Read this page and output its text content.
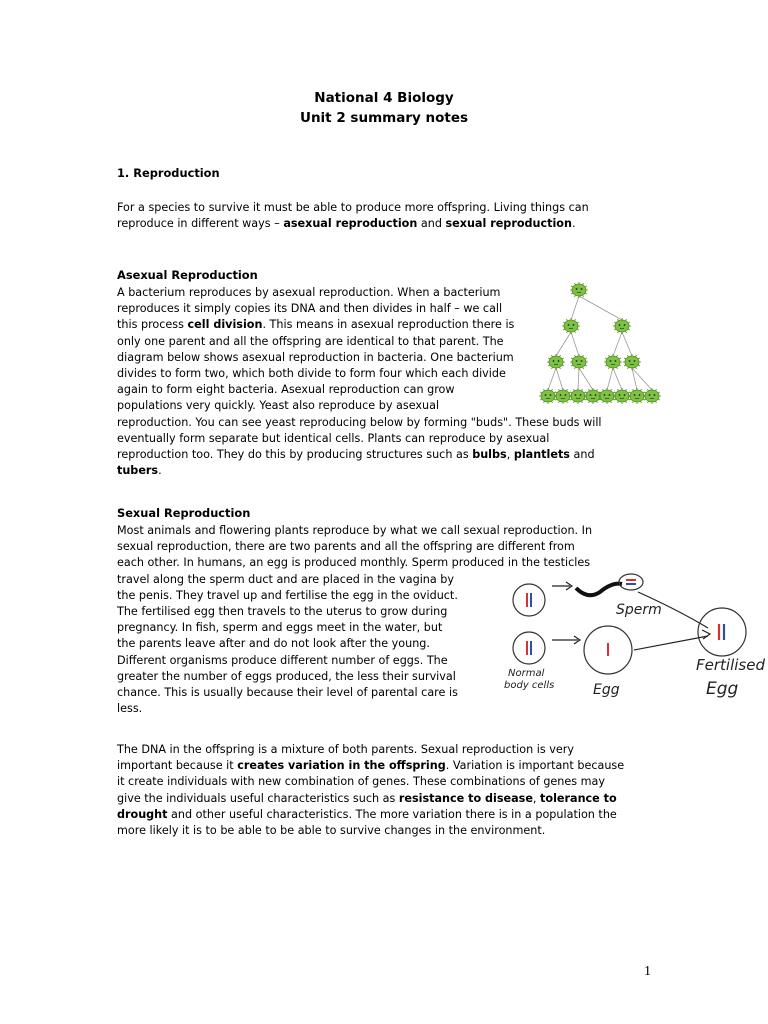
National 4 Biology
Unit 2 summary notes
1. Reproduction
For a species to survive it must be able to produce more offspring. Living things can
reproduce in different ways – asexual reproduction and sexual reproduction.
Asexual Reproduction
A bacterium reproduces by asexual reproduction. When a bacterium
reproduces it simply copies its DNA and then divides in half – we call
this process cell division. This means in asexual reproduction there is
only one parent and all the offspring are identical to that parent. The
diagram below shows asexual reproduction in bacteria. One bacterium
divides to form two, which both divide to form four which each divide
again to form eight bacteria. Asexual reproduction can grow
populations very quickly. Yeast also reproduce by asexual
reproduction. You can see yeast reproducing below by forming "buds". These buds will
eventually form separate but identical cells. Plants can reproduce by asexual
reproduction too. They do this by producing structures such as bulbs, plantlets and
tubers.
Sexual Reproduction
Most animals and flowering plants reproduce by what we call sexual reproduction. In
sexual reproduction, there are two parents and all the offspring are different from
each other. In humans, an egg is produced monthly. Sperm produced in the testicles
travel along the sperm duct and are placed in the vagina by
the penis. They travel up and fertilise the egg in the oviduct.
The fertilised egg then travels to the uterus to grow during
pregnancy. In fish, sperm and eggs meet in the water, but
the parents leave after and do not look after the young.
Different organisms produce different number of eggs. The
greater the number of eggs produced, the less their survival
chance. This is usually because their level of parental care is
less.
Sperm
Normal
body cells	Egg
Fertilised
Egg
The DNA in the offspring is a mixture of both parents. Sexual reproduction is very
important because it creates variation in the offspring. Variation is important because
it create individuals with new combination of genes. These combinations of genes may
give the individuals useful characteristics such as resistance to disease, tolerance to
drought and other useful characteristics. The more variation there is in a population the
more likely it is to be able to be able to survive changes in the environment.
1
